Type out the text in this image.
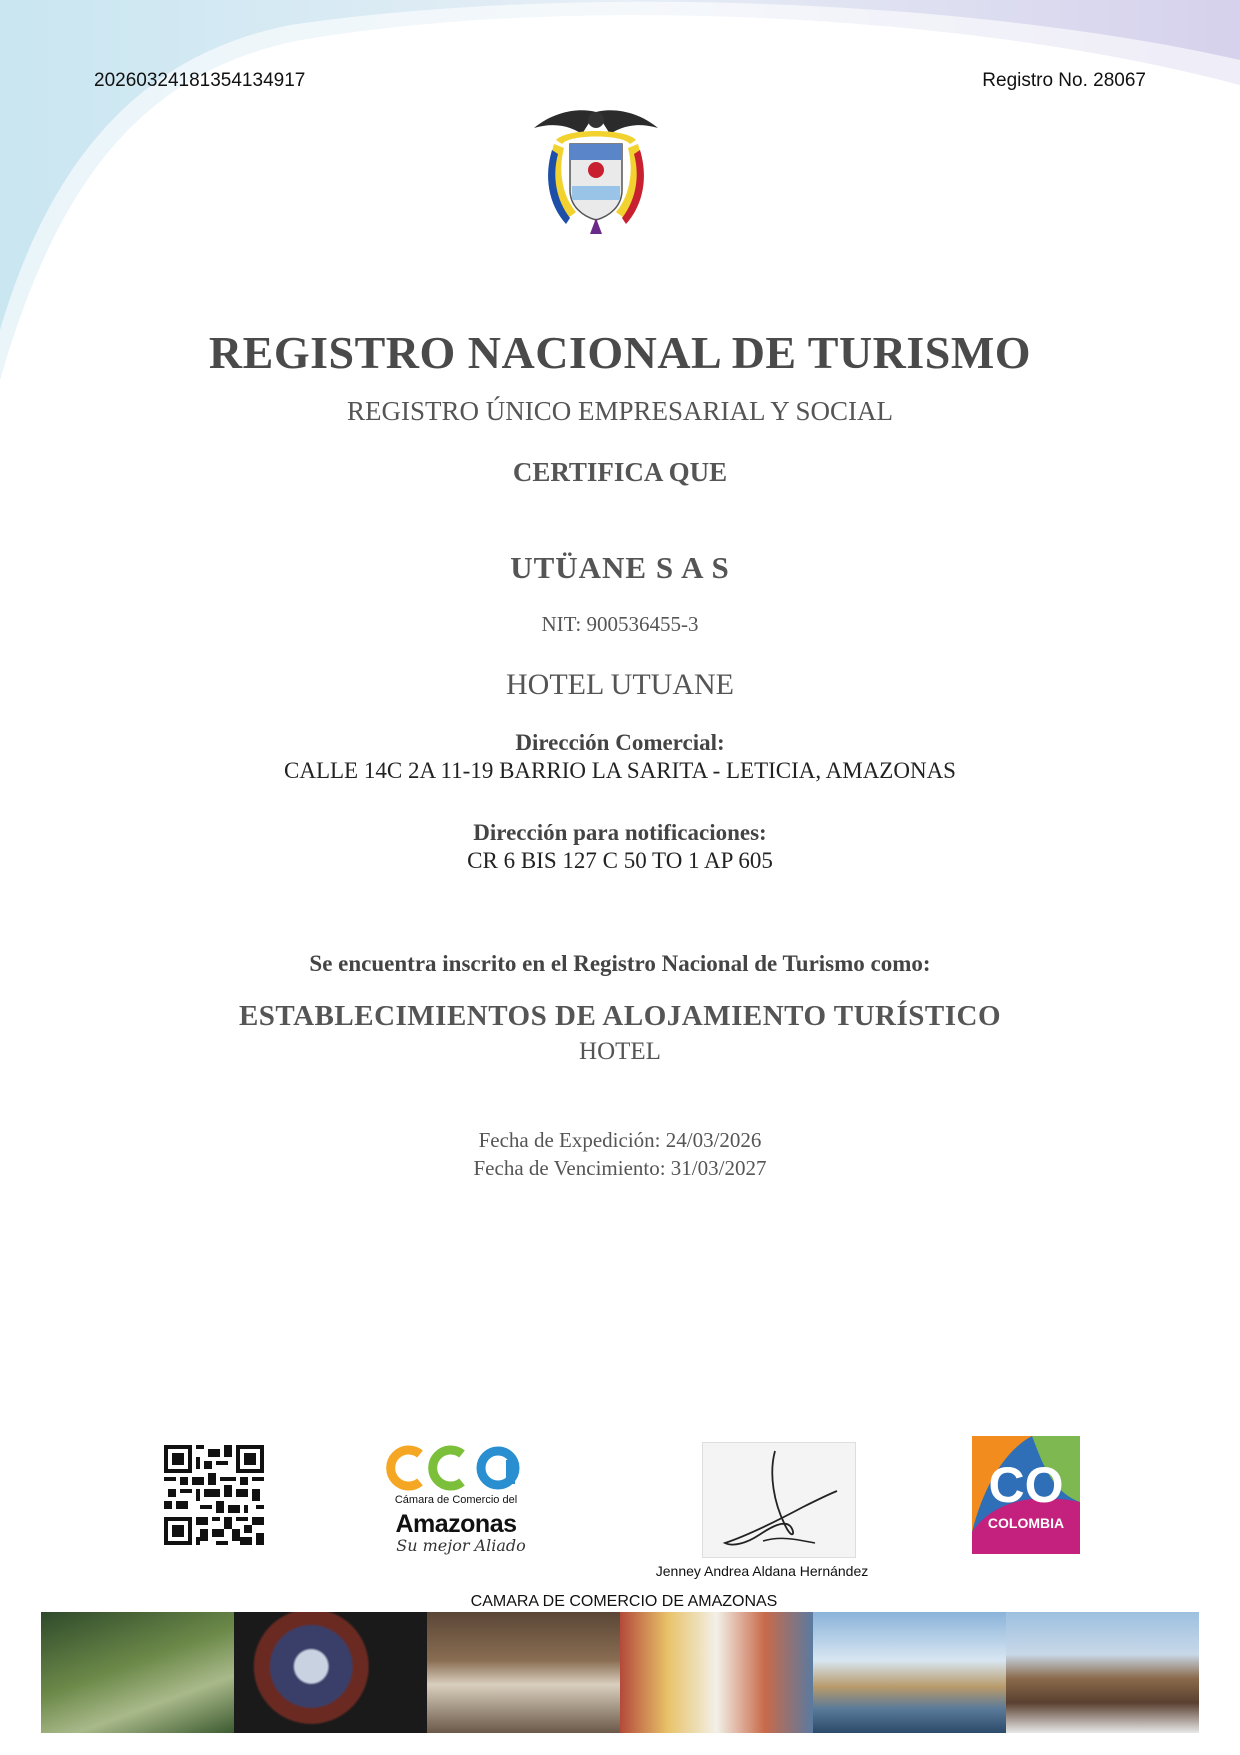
20260324181354134917	Registro No. 28067
REGISTRO NACIONAL DE TURISMO
REGISTRO ÚNICO EMPRESARIAL Y SOCIAL
CERTIFICA QUE
UTÜANE S A S
NIT: 900536455-3
HOTEL UTUANE
Dirección Comercial:
CALLE 14C 2A 11-19 BARRIO LA SARITA - LETICIA, AMAZONAS
Dirección para notificaciones:
CR 6 BIS 127 C 50 TO 1 AP 605
Se encuentra inscrito en el Registro Nacional de Turismo como:
ESTABLECIMIENTOS DE ALOJAMIENTO TURÍSTICO
HOTEL
Fecha de Expedición: 24/03/2026
Fecha de Vencimiento: 31/03/2027
Cámara de Comercio del
Amazonas
Su mejor Aliado
Jenney Andrea Aldana Hernández
CO
COLOMBIA
CAMARA DE COMERCIO DE AMAZONAS
